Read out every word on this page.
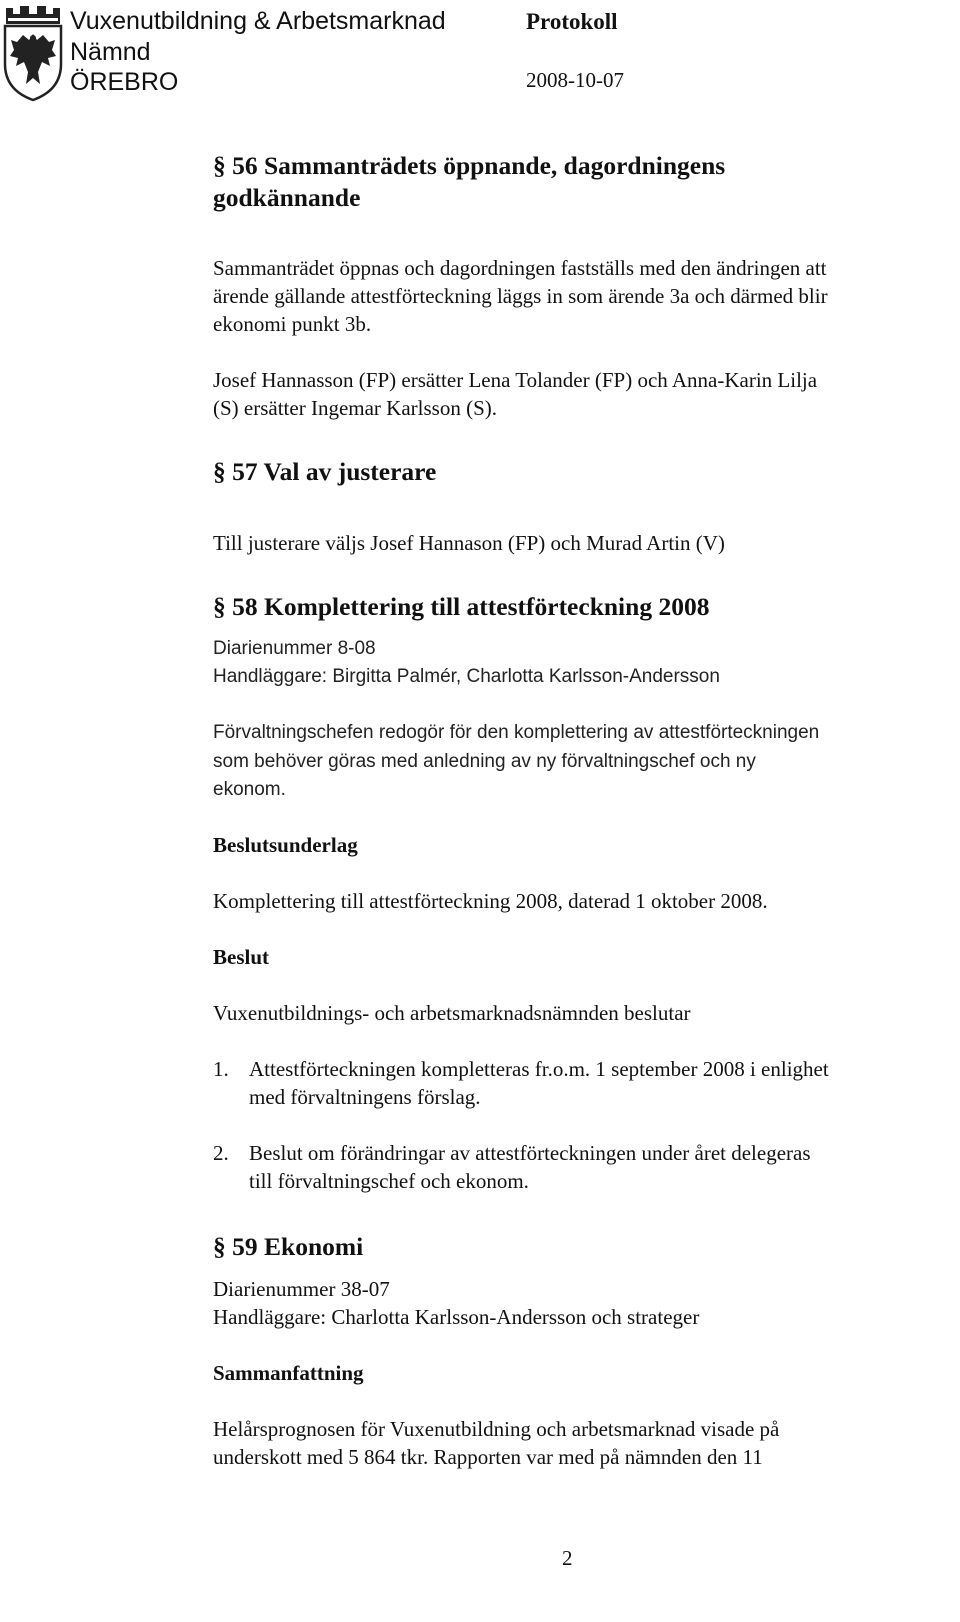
Vuxenutbildning & Arbetsmarknad
Nämnd
ÖREBRO
Protokoll
2008-10-07
§ 56 Sammanträdets öppnande, dagordningens
godkännande
Sammanträdet öppnas och dagordningen fastställs med den ändringen att
ärende gällande attestförteckning läggs in som ärende 3a och därmed blir
ekonomi punkt 3b.
Josef Hannasson (FP) ersätter Lena Tolander (FP) och Anna-Karin Lilja
(S) ersätter Ingemar Karlsson (S).
§ 57 Val av justerare
Till justerare väljs Josef Hannason (FP) och Murad Artin (V)
§ 58 Komplettering till attestförteckning 2008
Diarienummer 8-08
Handläggare: Birgitta Palmér, Charlotta Karlsson-Andersson
Förvaltningschefen redogör för den komplettering av attestförteckningen
som behöver göras med anledning av ny förvaltningschef och ny
ekonom.
Beslutsunderlag
Komplettering till attestförteckning 2008, daterad 1 oktober 2008.
Beslut
Vuxenutbildnings- och arbetsmarknadsnämnden beslutar
1. Attestförteckningen kompletteras fr.o.m. 1 september 2008 i enlighet
med förvaltningens förslag.
2. Beslut om förändringar av attestförteckningen under året delegeras
till förvaltningschef och ekonom.
§ 59 Ekonomi
Diarienummer 38-07
Handläggare: Charlotta Karlsson-Andersson och strateger
Sammanfattning
Helårsprognosen för Vuxenutbildning och arbetsmarknad visade på
underskott med 5 864 tkr. Rapporten var med på nämnden den 11
2
